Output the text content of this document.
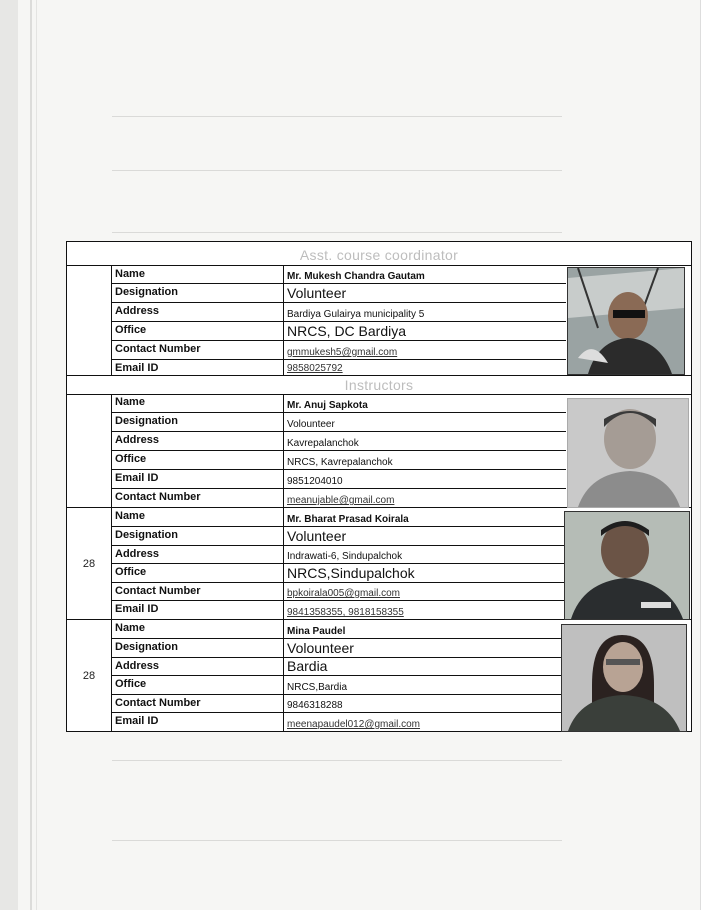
Asst. course coordinator
Name	Mr. Mukesh Chandra Gautam
Designation	Volunteer
Address	Bardiya Gulairya municipality 5
Office	NRCS, DC Bardiya
Contact Number	gmmukesh5@gmail.com
Email ID	9858025792
Instructors
Name	Mr. Anuj Sapkota
Designation	Volounteer
Address	Kavrepalanchok
Office	NRCS, Kavrepalanchok
Email ID	9851204010
Contact Number	meanujable@gmail.com
28
Name	Mr. Bharat Prasad Koirala
Designation	Volunteer
Address	Indrawati-6, Sindupalchok
Office	NRCS,Sindupalchok
Contact Number	bpkoirala005@gmail.com
Email ID	9841358355, 9818158355
28
Name	Mina Paudel
Designation	Volounteer
Address	Bardia
Office	NRCS,Bardia
Contact Number	9846318288
Email ID	meenapaudel012@gmail.com
